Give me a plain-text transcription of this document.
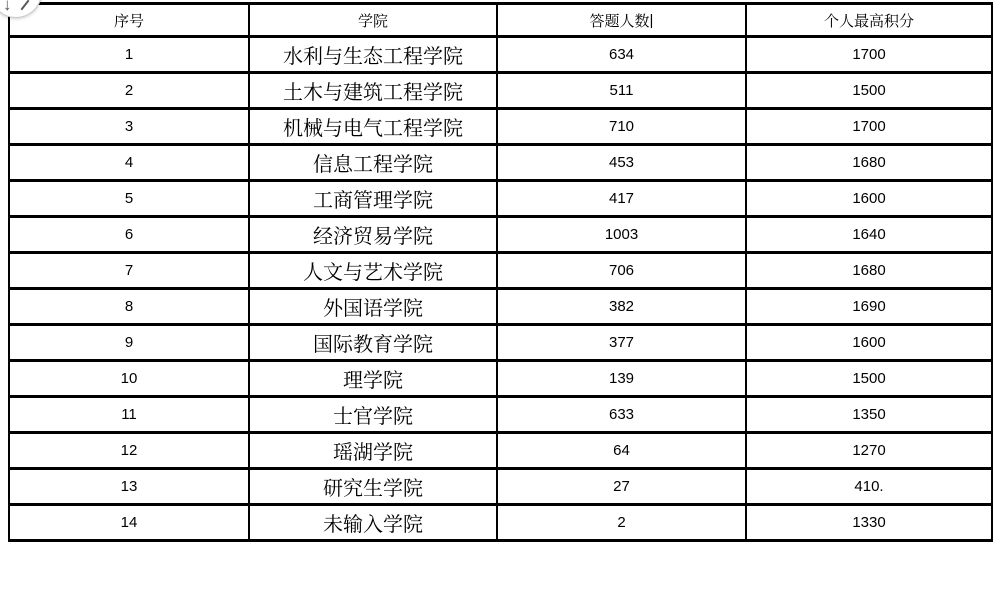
↓
序号	学院	答题人数|	个人最高积分
1	水利与生态工程学院	634	1700
2	土木与建筑工程学院	511	1500
3	机械与电气工程学院	710	1700
4	信息工程学院	453	1680
5	工商管理学院	417	1600
6	经济贸易学院	1003	1640
7	人文与艺术学院	706	1680
8	外国语学院	382	1690
9	国际教育学院	377	1600
10	理学院	139	1500
11	士官学院	633	1350
12	瑶湖学院	64	1270
13	研究生学院	27	410.
14	未输入学院	2	1330
